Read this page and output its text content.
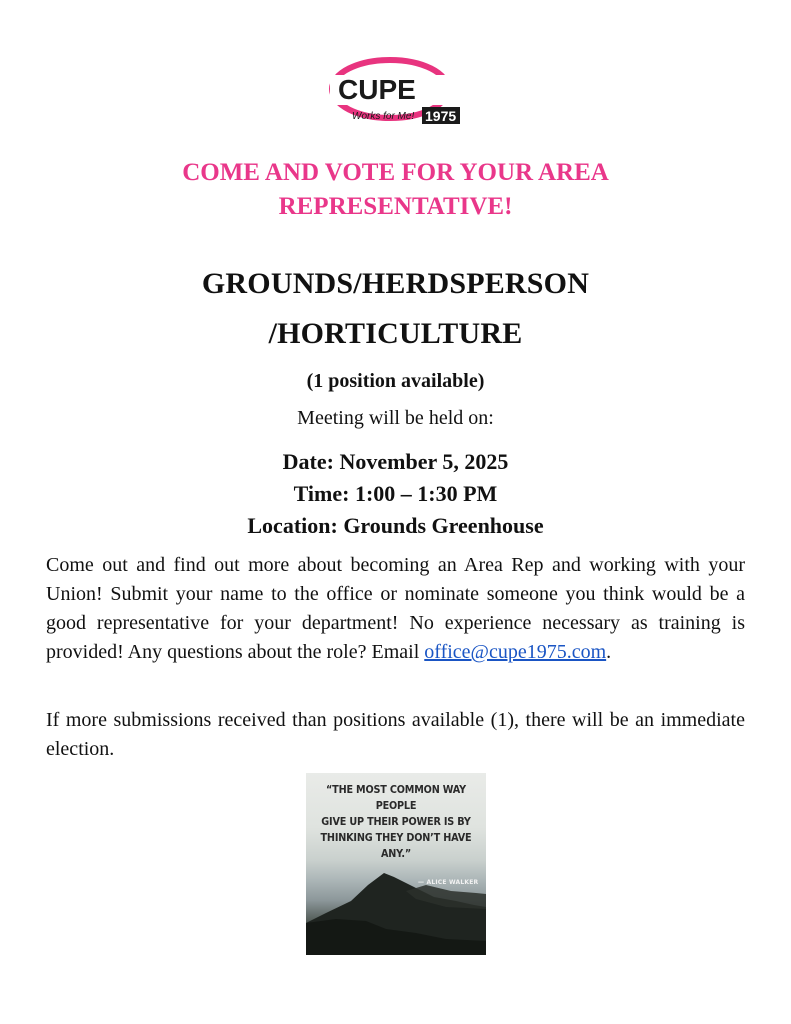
CUPE
Works for Me! 1975
COME AND VOTE FOR YOUR AREA
REPRESENTATIVE!
GROUNDS/HERDSPERSON
/HORTICULTURE
(1 position available)
Meeting will be held on:
Date: November 5, 2025
Time: 1:00 – 1:30 PM
Location: Grounds Greenhouse

Come out and find out more about becoming an Area Rep and working with your Union! Submit your name to the office or nominate someone you think would be a good representative for your department! No experience necessary as training is provided! Any questions about the role? Email office@cupe1975.com.

If more submissions received than positions available (1), there will be an immediate election.

“THE MOST COMMON WAY PEOPLE
GIVE UP THEIR POWER IS BY
THINKING THEY DON’T HAVE ANY.”
— ALICE WALKER
